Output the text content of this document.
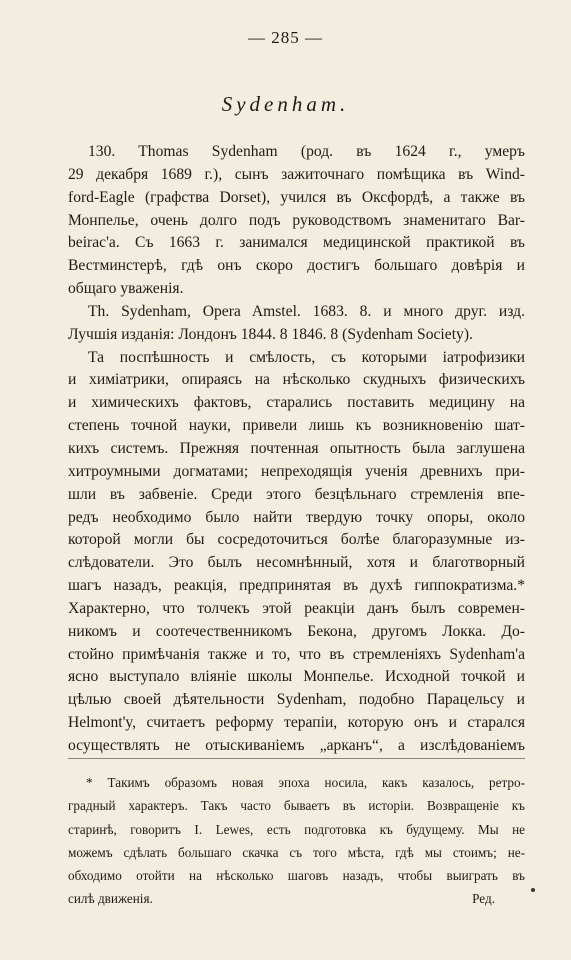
— 285 —
Sydenham.
130. Thomas Sydenham (род. въ 1624 г., умеръ
29 декабря 1689 г.), сынъ зажиточнаго помѣщика въ Wind-
ford-Eagle (графства Dorset), учился въ Оксфордѣ, а также въ
Монпелье, очень долго подъ руководствомъ знаменитаго Bar-
beirac'a. Съ 1663 г. занимался медицинской практикой въ
Вестминстерѣ, гдѣ онъ скоро достигъ большаго довѣрія и
общаго уваженія.
Th. Sydenham, Opera Amstel. 1683. 8. и много друг. изд.
Лучшія изданія: Лондонъ 1844. 8 1846. 8 (Sydenham Society).
Та поспѣшность и смѣлость, съ которыми іатрофизики
и химіатрики, опираясь на нѣсколько скудныхъ физическихъ
и химическихъ фактовъ, старались поставить медицину на
степень точной науки, привели лишь къ возникновенію шат-
кихъ системъ. Прежняя почтенная опытность была заглушена
хитроумными догматами; непреходящія ученія древнихъ при-
шли въ забвеніе. Среди этого безцѣльнаго стремленія впе-
редъ необходимо было найти твердую точку опоры, около
которой могли бы сосредоточиться болѣе благоразумные из-
слѣдователи. Это былъ несомнѣнный, хотя и благотворный
шагъ назадъ, реакція, предпринятая въ духѣ гиппократизма.*
Характерно, что толчекъ этой реакціи данъ былъ современ-
никомъ и соотечественникомъ Бекона, другомъ Локка. До-
стойно примѣчанія также и то, что въ стремленіяхъ Sydenham'a
ясно выступало вліяніе школы Монпелье. Исходной точкой и
цѣлью своей дѣятельности Sydenham, подобно Парацельсу и
Helmont'y, считаетъ реформу терапіи, которую онъ и старался
осуществлять не отыскиваніемъ „арканъ“, а изслѣдованіемъ
* Такимъ образомъ новая эпоха носила, какъ казалось, ретро-
градный характеръ. Такъ часто бываетъ въ исторіи. Возвращеніе къ
старинѣ, говоритъ I. Lewes, есть подготовка къ будущему. Мы не
можемъ сдѣлать большаго скачка съ того мѣста, гдѣ мы стоимъ; не-
обходимо отойти на нѣсколько шаговъ назадъ, чтобы выиграть въ
силѣ движенія.	Ред.
